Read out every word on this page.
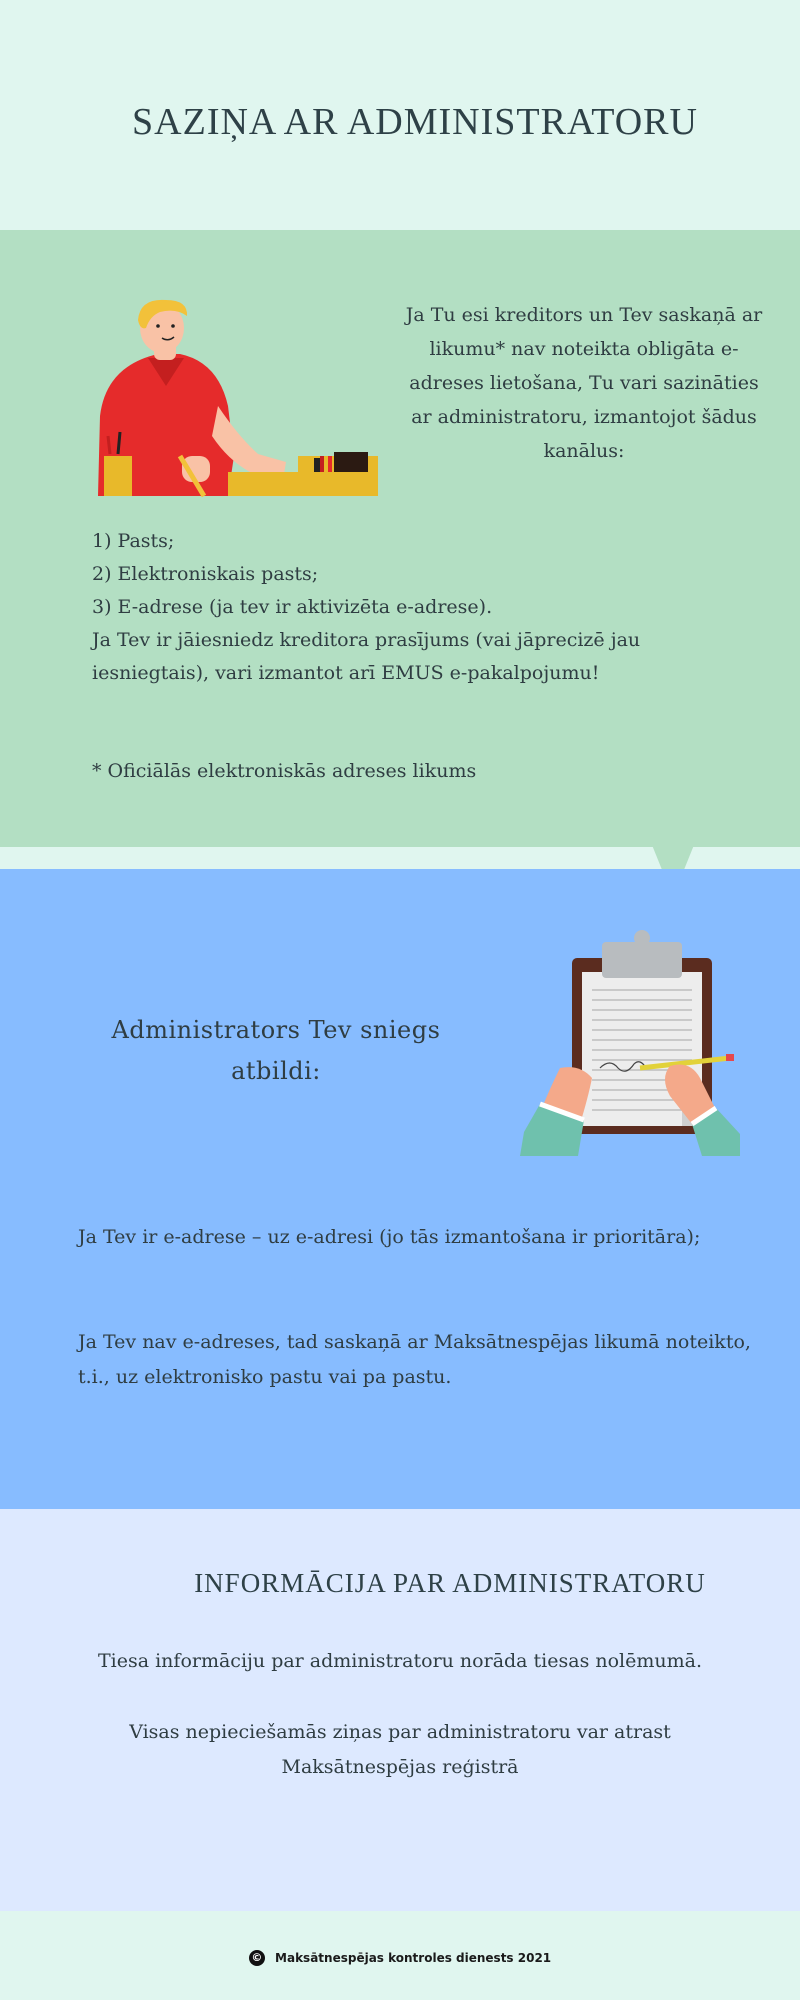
SAZIŅA AR ADMINISTRATORU
Ja Tu esi kreditors un Tev saskaņā ar likumu* nav noteikta obligāta e-adreses lietošana, Tu vari sazināties ar administratoru, izmantojot šādus kanālus:
1) Pasts;
2) Elektroniskais pasts;
3) E-adrese (ja tev ir aktivizēta e-adrese).
Ja Tev ir jāiesniedz kreditora prasījums (vai jāprecizē jau iesniegtais), vari izmantot arī EMUS e-pakalpojumu!
* Oficiālās elektroniskās adreses likums
Administrators Tev sniegs atbildi:
Ja Tev ir e-adrese – uz e-adresi (jo tās izmantošana ir prioritāra);
Ja Tev nav e-adreses, tad saskaņā ar Maksātnespējas likumā noteikto, t.i., uz elektronisko pastu vai pa pastu.
INFORMĀCIJA PAR ADMINISTRATORU
Tiesa informāciju par administratoru norāda tiesas nolēmumā.
Visas nepieciešamās ziņas par administratoru var atrast Maksātnespējas reģistrā
© Maksātnespējas kontroles dienests 2021
